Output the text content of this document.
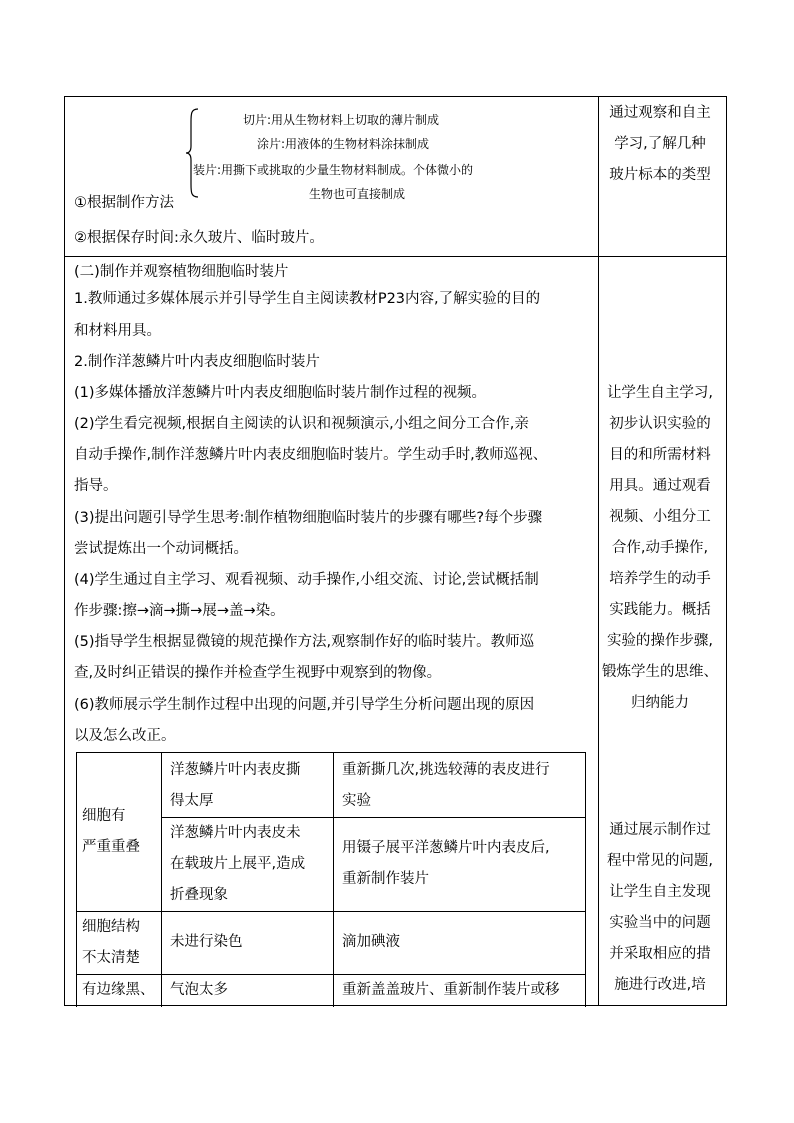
切片:用从生物材料上切取的薄片制成
涂片:用液体的生物材料涂抹制成
装片:用撕下或挑取的少量生物材料制成。个体微小的
生物也可直接制成
①根据制作方法
②根据保存时间:永久玻片、临时玻片。
通过观察和自主
学习,了解几种
玻片标本的类型
让学生自主学习,
初步认识实验的
目的和所需材料
用具。通过观看
视频、小组分工
合作,动手操作,
培养学生的动手
实践能力。概括
实验的操作步骤,
锻炼学生的思维、
归纳能力
通过展示制作过
程中常见的问题,
让学生自主发现
实验当中的问题
并采取相应的措
施进行改进,培
(二)制作并观察植物细胞临时装片
1.教师通过多媒体展示并引导学生自主阅读教材P23内容,了解实验的目的
和材料用具。
2.制作洋葱鳞片叶内表皮细胞临时装片
(1)多媒体播放洋葱鳞片叶内表皮细胞临时装片制作过程的视频。
(2)学生看完视频,根据自主阅读的认识和视频演示,小组之间分工合作,亲
自动手操作,制作洋葱鳞片叶内表皮细胞临时装片。学生动手时,教师巡视、
指导。
(3)提出问题引导学生思考:制作植物细胞临时装片的步骤有哪些?每个步骤
尝试提炼出一个动词概括。
(4)学生通过自主学习、观看视频、动手操作,小组交流、讨论,尝试概括制
作步骤:擦→滴→撕→展→盖→染。
(5)指导学生根据显微镜的规范操作方法,观察制作好的临时装片。教师巡
查,及时纠正错误的操作并检查学生视野中观察到的物像。
(6)教师展示学生制作过程中出现的问题,并引导学生分析问题出现的原因
以及怎么改正。
细胞有
严重重叠
洋葱鳞片叶内表皮撕
得太厚
重新撕几次,挑选较薄的表皮进行
实验
洋葱鳞片叶内表皮未
在载玻片上展平,造成
折叠现象
用镊子展平洋葱鳞片叶内表皮后,
重新制作装片
细胞结构
不太清楚
未进行染色	滴加碘液
有边缘黑、 气泡太多	重新盖盖玻片、重新制作装片或移
